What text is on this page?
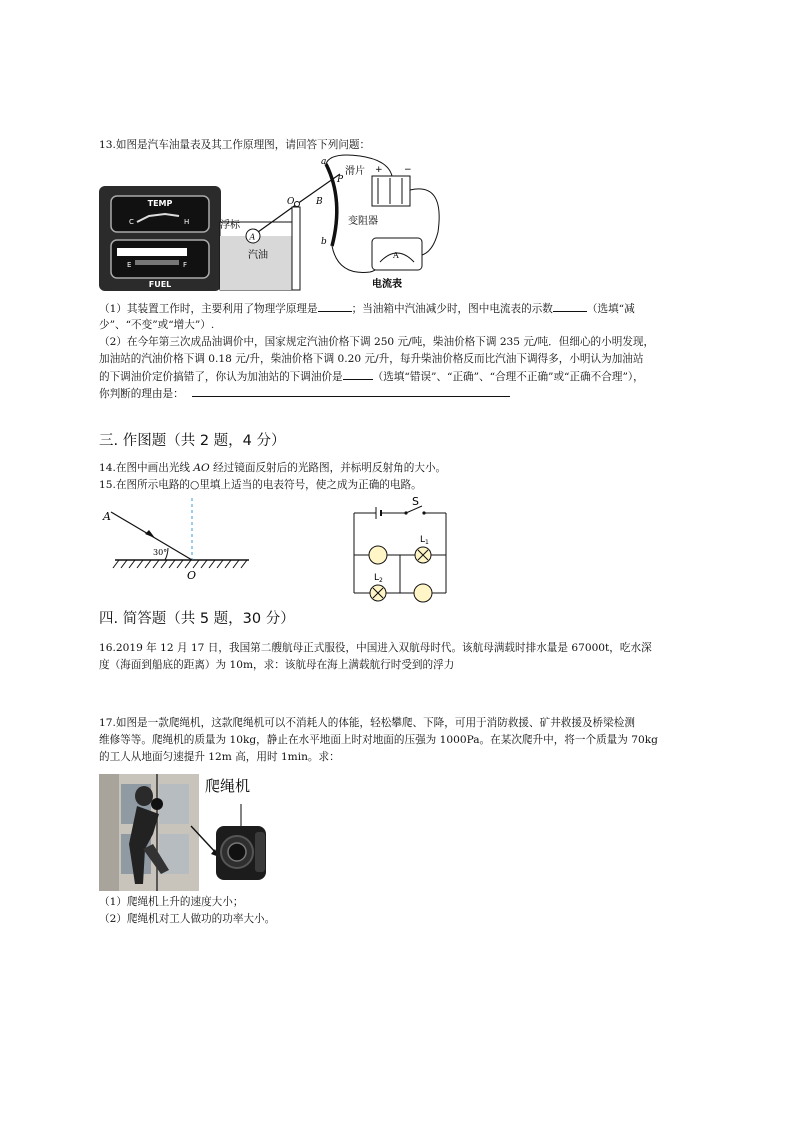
13.如图是汽车油量表及其工作原理图，请回答下列问题：
TEMP
C	H
E	F
FUEL
汽油
A
浮标
O B
a
b
P
滑片
变阻器
+ −
A
电流表
（1）其装置工作时，主要利用了物理学原理是	；当油箱中汽油减少时，图中电流表的示数	（选填“减
少”、“不变”或“增大”）.
（2）在今年第三次成品油调价中，国家规定汽油价格下调 250 元/吨，柴油价格下调 235 元/吨．但细心的小明发现，
加油站的汽油价格下调 0.18 元/升，柴油价格下调 0.20 元/升，每升柴油价格反而比汽油下调得多，小明认为加油站
的下调油价定价搞错了，你认为加油站的下调油价是	（选填“错误”、“正确”、“合理不正确”或“正确不合理”），
你判断的理由是：
三. 作图题（共 2 题，4 分）
14.在图中画出光线 AO 经过镜面反射后的光路图，并标明反射角的大小。
15.在图所示电路的○里填上适当的电表符号，使之成为正确的电路。
A
30°
O
S
$L_1$
$L_2$
四. 简答题（共 5 题，30 分）
16.2019 年 12 月 17 日，我国第二艘航母正式服役，中国进入双航母时代。该航母满载时排水量是 67000t，吃水深
度（海面到船底的距离）为 10m，求：该航母在海上满载航行时受到的浮力
17.如图是一款爬绳机，这款爬绳机可以不消耗人的体能，轻松攀爬、下降，可用于消防救援、矿井救援及桥梁检测
维修等等。爬绳机的质量为 10kg，静止在水平地面上时对地面的压强为 1000Pa。在某次爬升中，将一个质量为 70kg
的工人从地面匀速提升 12m 高，用时 1min。求：
爬绳机
（1）爬绳机上升的速度大小；
（2）爬绳机对工人做功的功率大小。
